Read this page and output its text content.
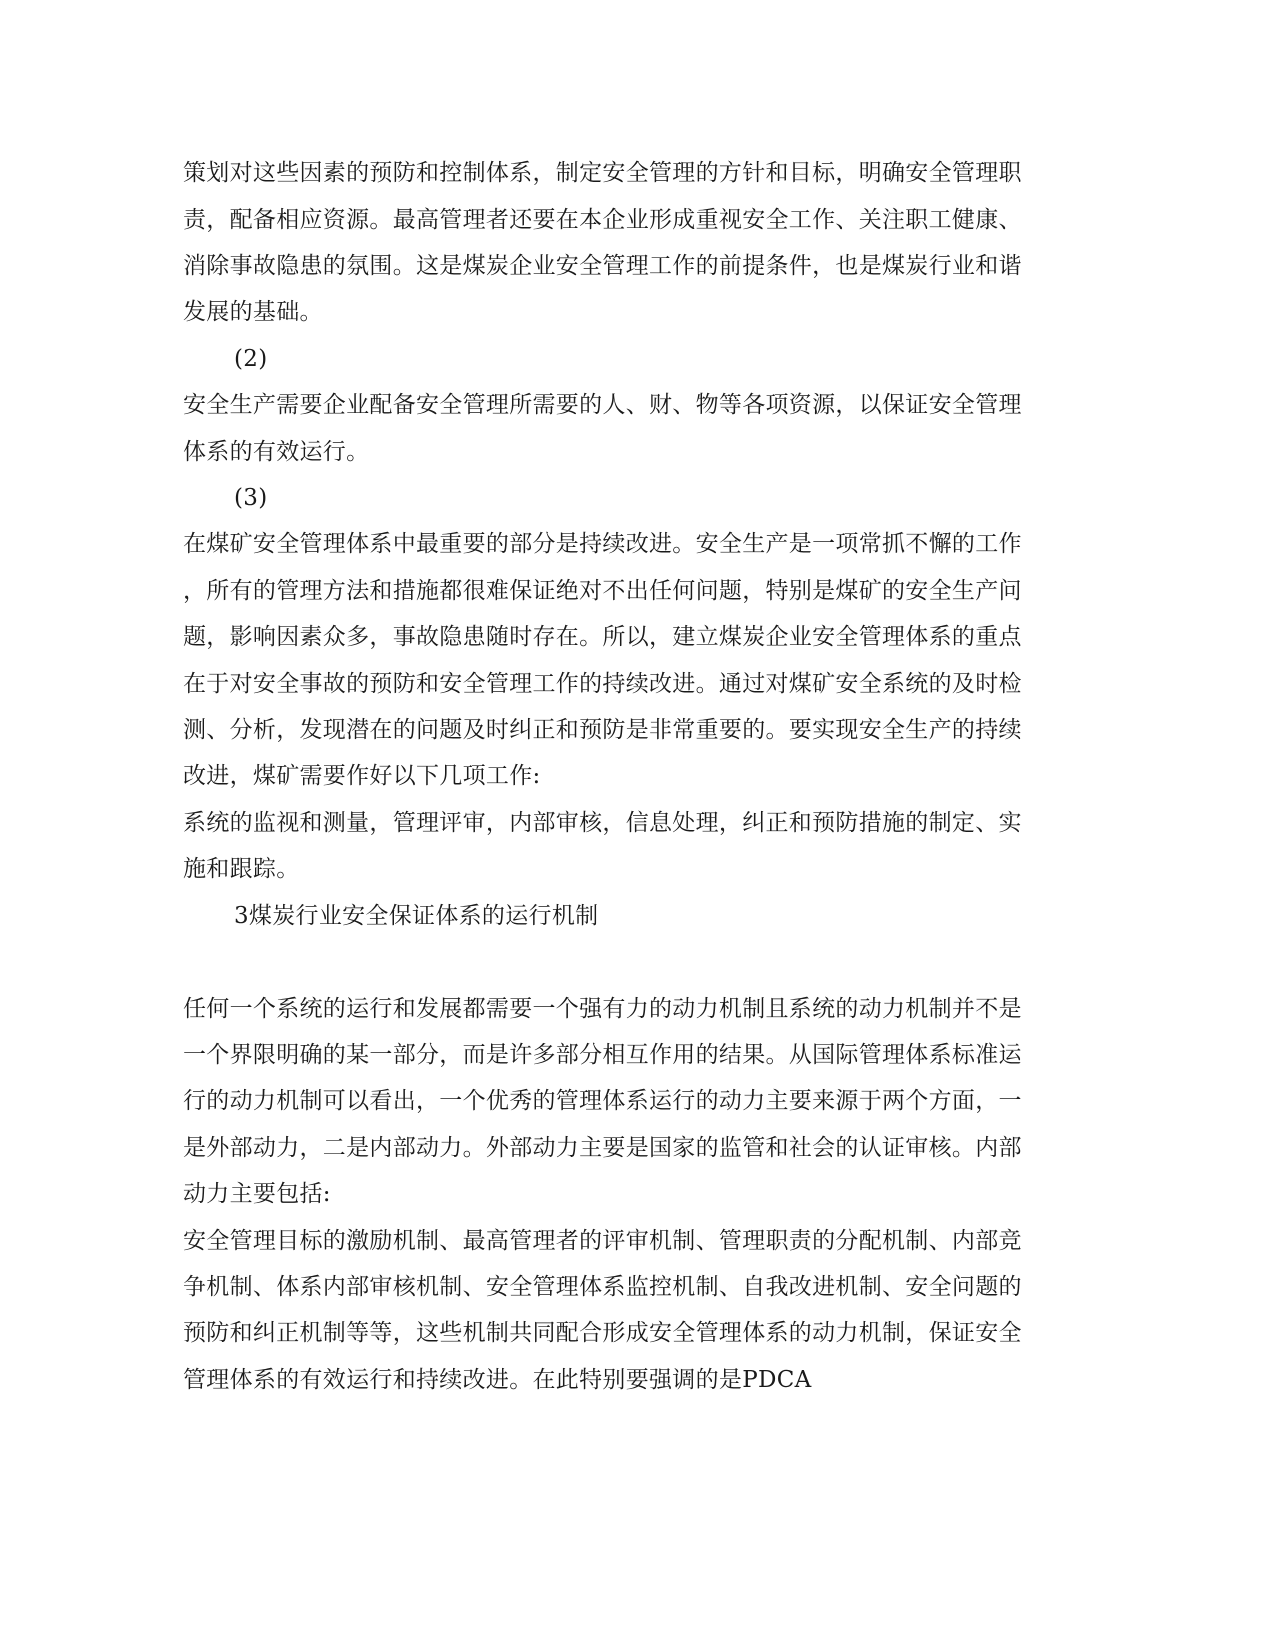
策划对这些因素的预防和控制体系，制定安全管理的方针和目标，明确安全管理职
责，配备相应资源。最高管理者还要在本企业形成重视安全工作、关注职工健康、
消除事故隐患的氛围。这是煤炭企业安全管理工作的前提条件，也是煤炭行业和谐
发展的基础。
(2)
安全生产需要企业配备安全管理所需要的人、财、物等各项资源，以保证安全管理
体系的有效运行。
(3)
在煤矿安全管理体系中最重要的部分是持续改进。安全生产是一项常抓不懈的工作
，所有的管理方法和措施都很难保证绝对不出任何问题，特别是煤矿的安全生产问
题，影响因素众多，事故隐患随时存在。所以，建立煤炭企业安全管理体系的重点
在于对安全事故的预防和安全管理工作的持续改进。通过对煤矿安全系统的及时检
测、分析，发现潜在的问题及时纠正和预防是非常重要的。要实现安全生产的持续
改进，煤矿需要作好以下几项工作:
系统的监视和测量，管理评审，内部审核，信息处理，纠正和预防措施的制定、实
施和跟踪。
3煤炭行业安全保证体系的运行机制
任何一个系统的运行和发展都需要一个强有力的动力机制且系统的动力机制并不是
一个界限明确的某一部分，而是许多部分相互作用的结果。从国际管理体系标准运
行的动力机制可以看出，一个优秀的管理体系运行的动力主要来源于两个方面，一
是外部动力，二是内部动力。外部动力主要是国家的监管和社会的认证审核。内部
动力主要包括:
安全管理目标的激励机制、最高管理者的评审机制、管理职责的分配机制、内部竞
争机制、体系内部审核机制、安全管理体系监控机制、自我改进机制、安全问题的
预防和纠正机制等等，这些机制共同配合形成安全管理体系的动力机制，保证安全
管理体系的有效运行和持续改进。在此特别要强调的是PDCA
